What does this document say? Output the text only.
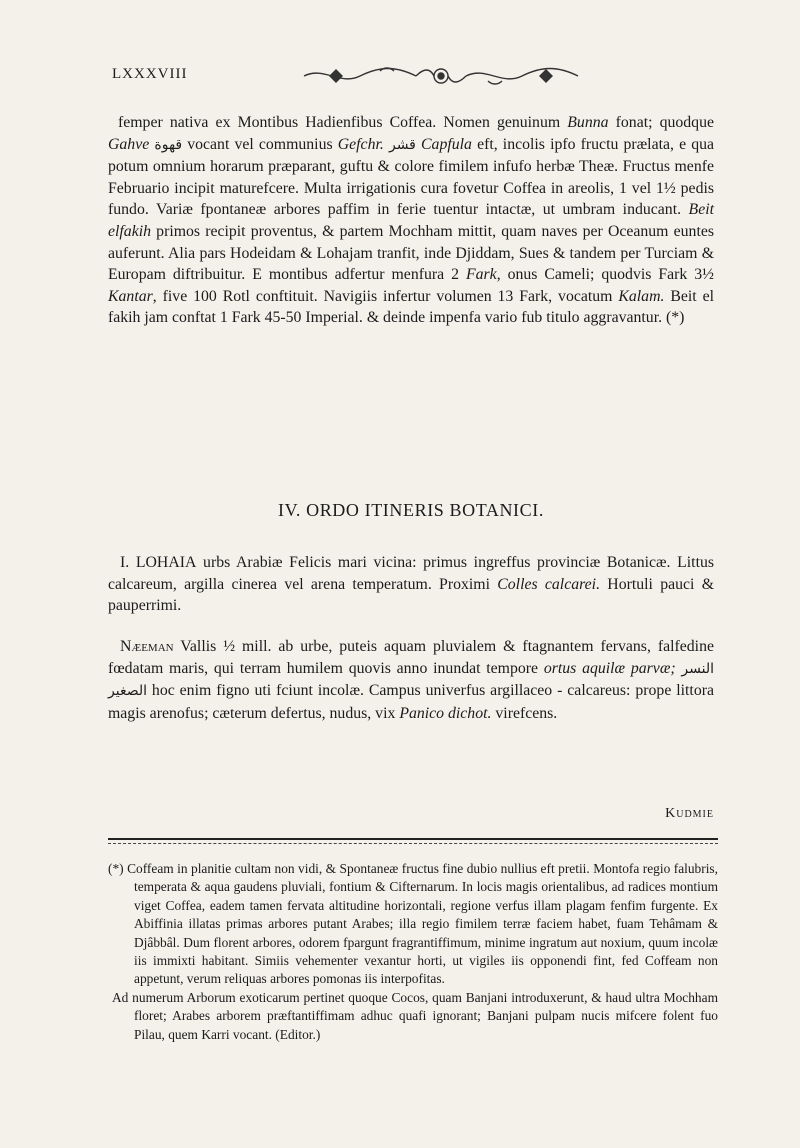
LXXXVIII
femper nativa ex Montibus Hadienfibus Coffea. Nomen genuinum Bunna fonat; quodque Gahve قهوة vocant vel communius Gefchr. قشر Capfula eft, incolis ipfo fructu prælata, e qua potum omnium horarum præparant, guftu & colore fimilem infufo herbæ Theæ. Fructus menfe Februario incipit maturefcere. Multa irrigationis cura fovetur Coffea in areolis, 1 vel 1½ pedis fundo. Variæ fpontaneæ arbores paffim in ferie tuentur intactæ, ut umbram inducant. Beit elfakih primos recipit proventus, & partem Mochham mittit, quam naves per Oceanum euntes auferunt. Alia pars Hodeidam & Lohajam tranfit, inde Djiddam, Sues & tandem per Turciam & Europam diftribuitur. E montibus adfertur menfura 2 Fark, onus Cameli; quodvis Fark 3½ Kantar, five 100 Rotl conftituit. Navigiis infertur volumen 13 Fark, vocatum Kalam. Beit el fakih jam conftat 1 Fark 45-50 Imperial. & deinde impenfa vario fub titulo aggravantur. (*)
IV. ORDO ITINERIS BOTANICI.
I. LOHAIA urbs Arabiæ Felicis mari vicina: primus ingreffus provinciæ Botanicæ. Littus calcareum, argilla cinerea vel arena temperatum. Proximi Colles calcarei. Hortuli pauci & pauperrimi.
Næeman Vallis ½ mill. ab urbe, puteis aquam pluvialem & ftagnantem fervans, falfedine fœdatam maris, qui terram humilem quovis anno inundat tempore ortus aquilæ parvæ; النسر الصغير hoc enim figno uti fciunt incolæ. Campus univerfus argillaceo - calcareus: prope littora magis arenofus; cæterum defertus, nudus, vix Panico dichot. virefcens.
Kudmie
(*) Coffeam in planitie cultam non vidi, & Spontaneæ fructus fine dubio nullius eft pretii. Montofa regio falubris, temperata & aqua gaudens pluviali, fontium & Cifternarum. In locis magis orientalibus, ad radices montium viget Coffea, eadem tamen fervata altitudine horizontali, regione verfus illam plagam fenfim furgente. Ex Abiffinia illatas primas arbores putant Arabes; illa regio fimilem terræ faciem habet, fuam Tehâmam & Djâbbâl. Dum florent arbores, odorem fpargunt fragrantiffimum, minime ingratum aut noxium, quum incolæ iis immixti habitant. Simiis vehementer vexantur horti, ut vigiles iis opponendi fint, fed Coffeam non appetunt, verum reliquas arbores pomonas iis interpofitas.
Ad numerum Arborum exoticarum pertinet quoque Cocos, quam Banjani introduxerunt, & haud ultra Mochham floret; Arabes arborem præftantiffimam adhuc quafi ignorant; Banjani pulpam nucis mifcere folent fuo Pilau, quem Karri vocant. (Editor.)
